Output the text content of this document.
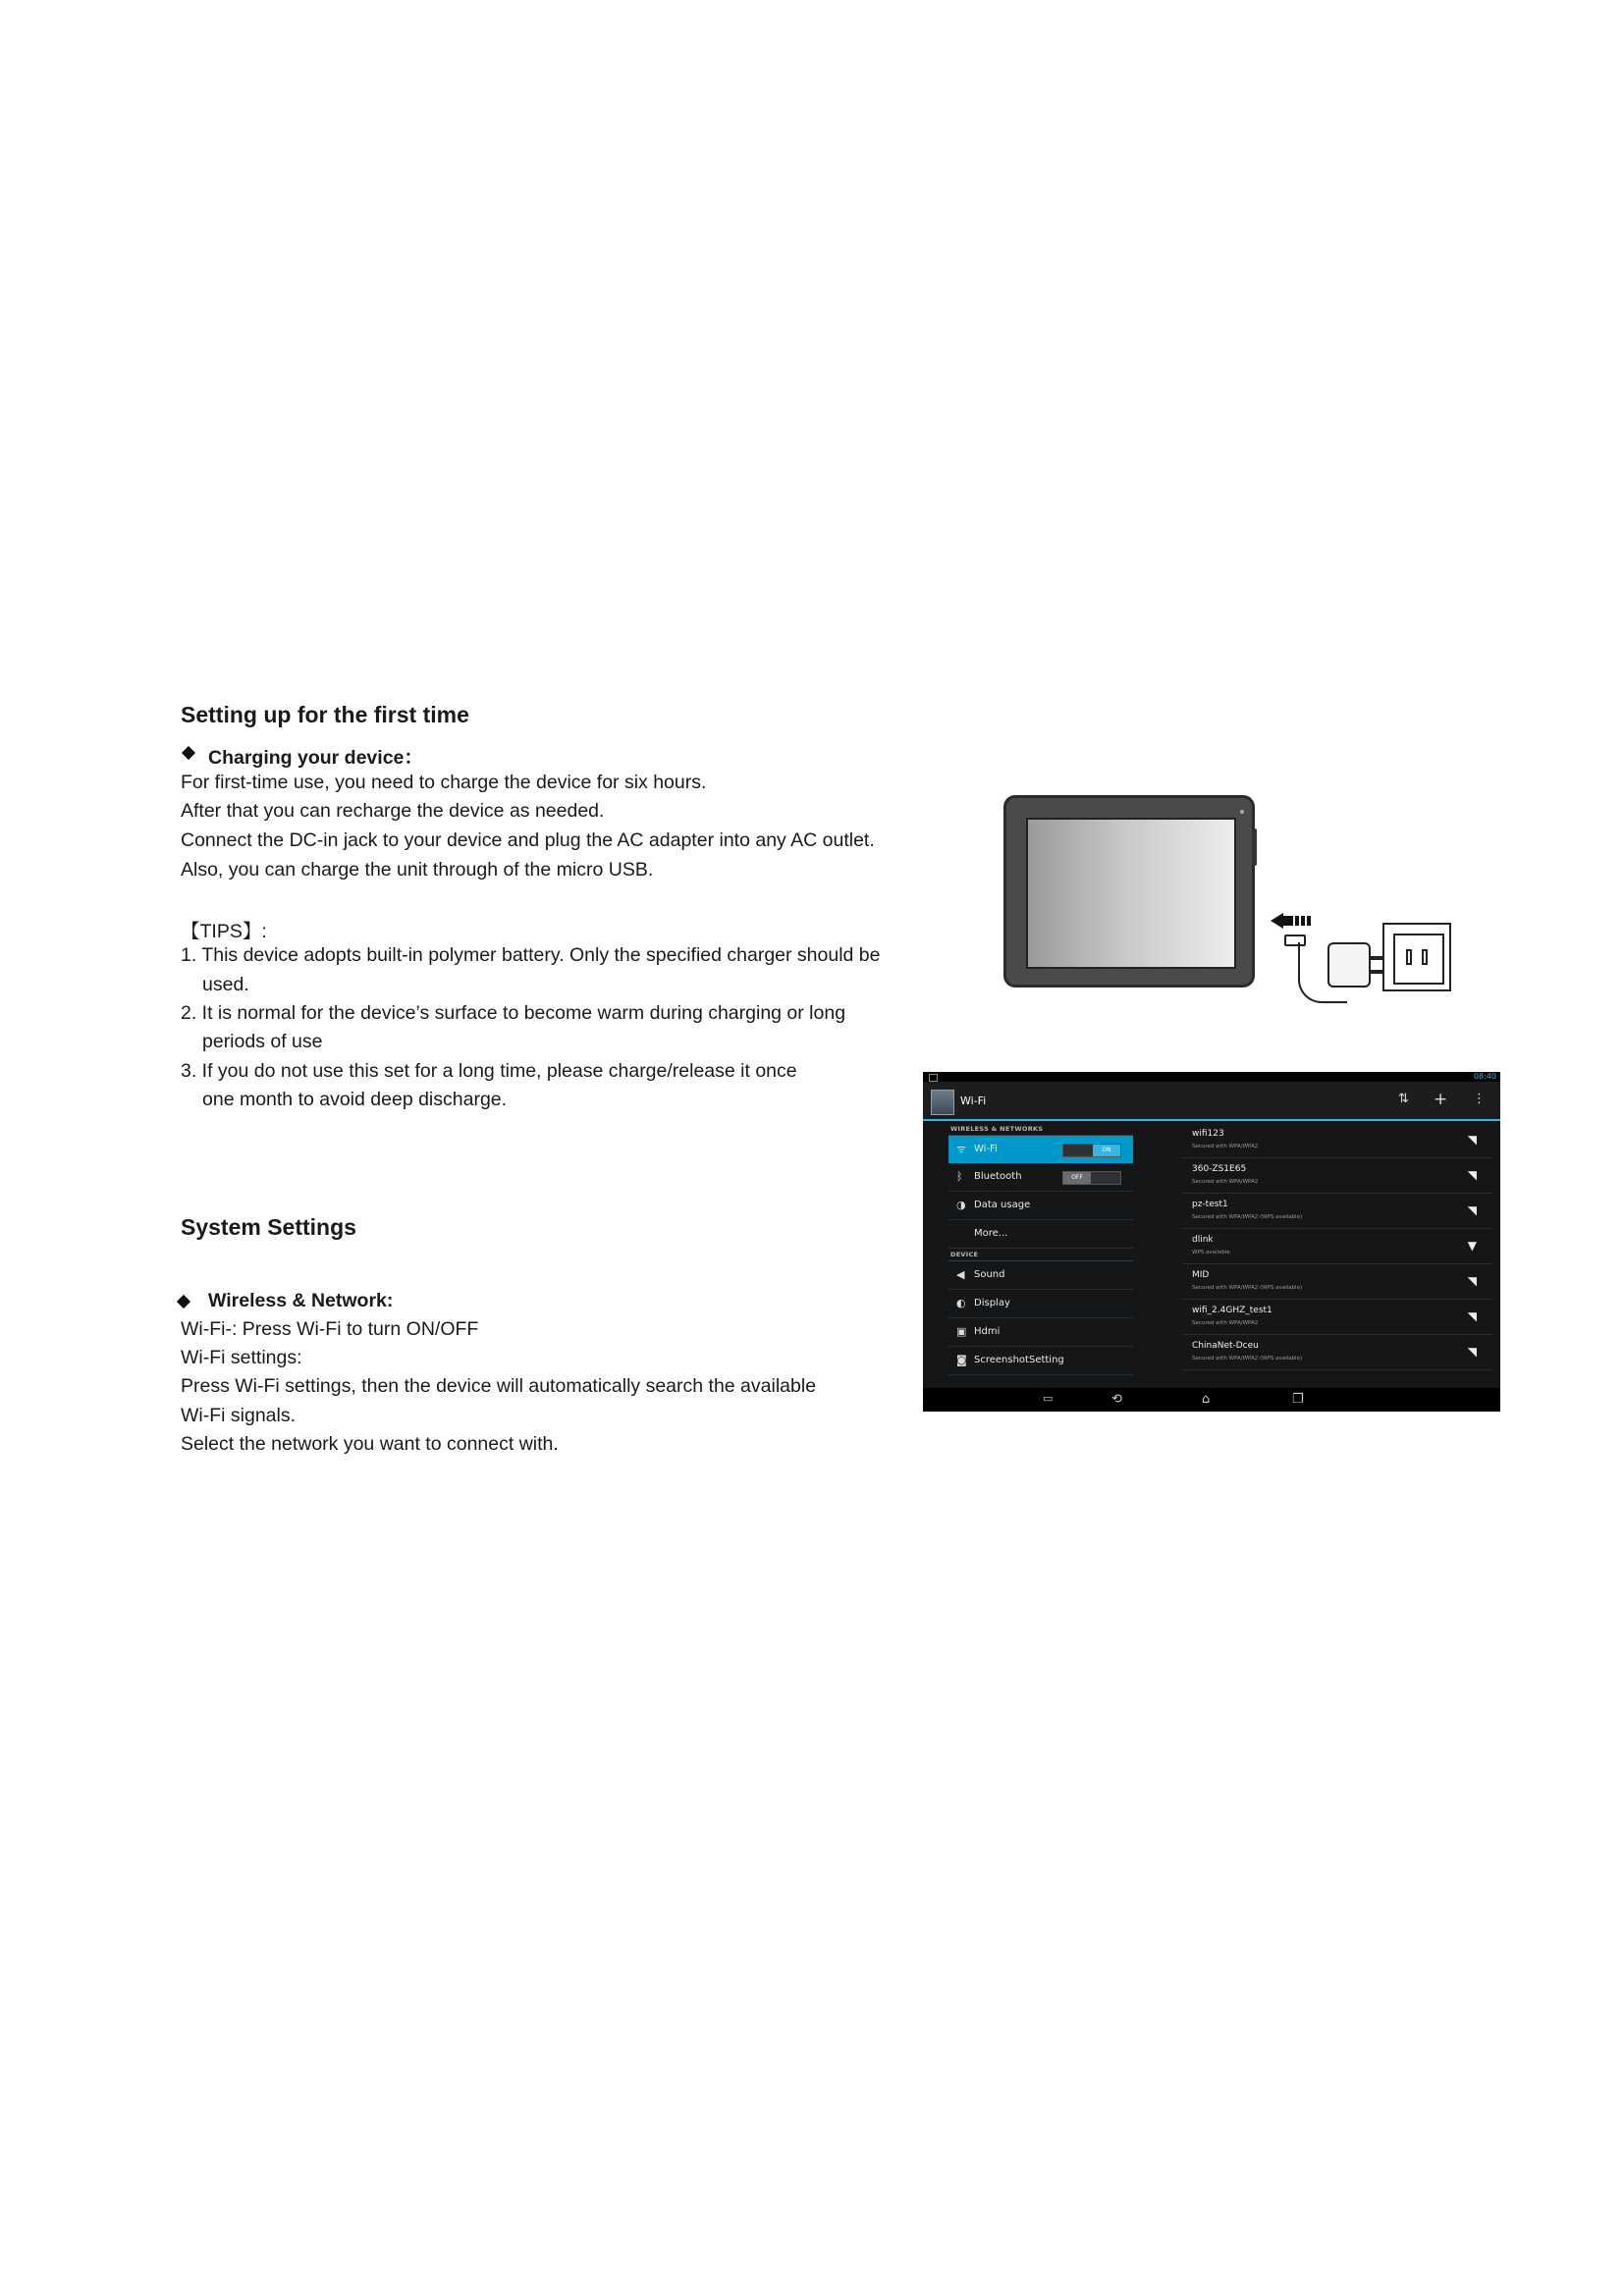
Setting up for the first time
Charging your device：
For first-time use, you need to charge the device for six hours.
After that you can recharge the device as needed.
Connect the DC-in jack to your device and plug the AC adapter into any AC outlet.
Also, you can charge the unit through of the micro USB.
【TIPS】:
1. This device adopts built-in polymer battery. Only the specified charger should be
used.
2. It is normal for the device’s surface to become warm during charging or long
periods of use
3. If you do not use this set for a long time, please charge/release it once
one month to avoid deep discharge.
System Settings
Wireless & Network:
Wi-Fi-: Press Wi-Fi to turn ON/OFF
Wi-Fi settings:
Press Wi-Fi settings, then the device will automatically search the available
Wi-Fi signals.
Select the network you want to connect with.
08:40
Wi-Fi	⇅ + ⋮
WIRELESS & NETWORKS
ᯤ Wi-Fi	ON
ᛒ Bluetooth	OFF
◑ Data usage
More...
DEVICE
◀ Sound
◐ Display
▣ Hdmi
◙ ScreenshotSetting
wifi123
Secured with WPA/WPA2	◥
360-ZS1E65
Secured with WPA/WPA2	◥
pz-test1
Secured with WPA/WPA2 (WPS available)	◥
dlink
WPS available	▼
MID
Secured with WPA/WPA2 (WPS available)	◥
wifi_2.4GHZ_test1
Secured with WPA/WPA2	◥
ChinaNet-Dceu
Secured with WPA/WPA2 (WPS available)	◥
▭	⟲	⌂	❐
